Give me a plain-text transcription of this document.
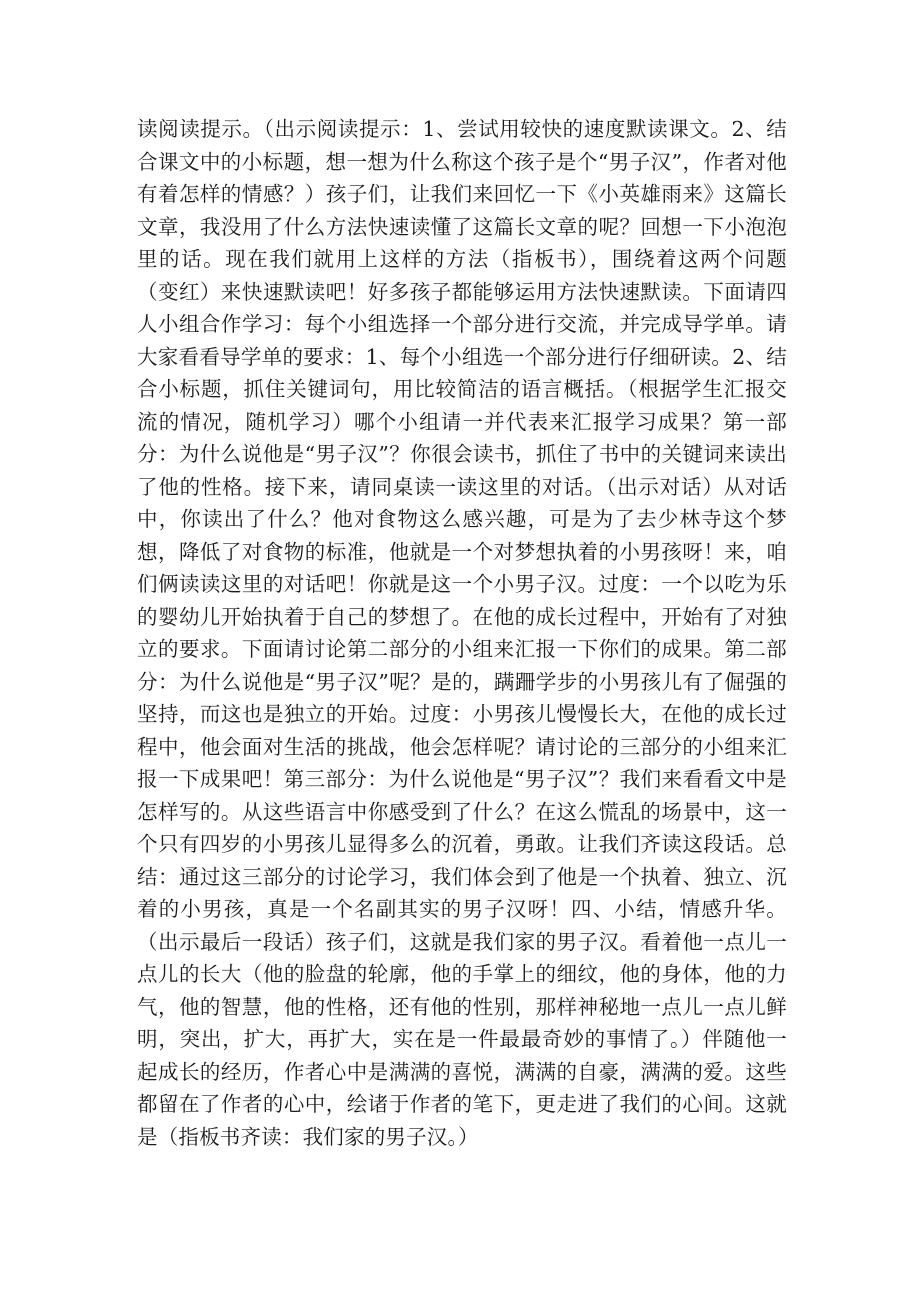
读阅读提示。（出示阅读提示：1、尝试用较快的速度默读课文。2、结合课文中的小标题，想一想为什么称这个孩子是个“男子汉”，作者对他有着怎样的情感？）孩子们，让我们来回忆一下《小英雄雨来》这篇长文章，我没用了什么方法快速读懂了这篇长文章的呢？回想一下小泡泡里的话。现在我们就用上这样的方法（指板书），围绕着这两个问题（变红）来快速默读吧！好多孩子都能够运用方法快速默读。下面请四人小组合作学习：每个小组选择一个部分进行交流，并完成导学单。请大家看看导学单的要求：1、每个小组选一个部分进行仔细研读。2、结合小标题，抓住关键词句，用比较简洁的语言概括。（根据学生汇报交流的情况，随机学习）哪个小组请一并代表来汇报学习成果？第一部分：为什么说他是“男子汉”？你很会读书，抓住了书中的关键词来读出了他的性格。接下来，请同桌读一读这里的对话。（出示对话）从对话中，你读出了什么？他对食物这么感兴趣，可是为了去少林寺这个梦想，降低了对食物的标准，他就是一个对梦想执着的小男孩呀！来，咱们俩读读这里的对话吧！你就是这一个小男子汉。过度：一个以吃为乐的婴幼儿开始执着于自己的梦想了。在他的成长过程中，开始有了对独立的要求。下面请讨论第二部分的小组来汇报一下你们的成果。第二部分：为什么说他是“男子汉”呢？是的，蹒跚学步的小男孩儿有了倔强的坚持，而这也是独立的开始。过度：小男孩儿慢慢长大，在他的成长过程中，他会面对生活的挑战，他会怎样呢？请讨论的三部分的小组来汇报一下成果吧！第三部分：为什么说他是“男子汉”？我们来看看文中是怎样写的。从这些语言中你感受到了什么？在这么慌乱的场景中，这一个只有四岁的小男孩儿显得多么的沉着，勇敢。让我们齐读这段话。总结：通过这三部分的讨论学习，我们体会到了他是一个执着、独立、沉着的小男孩，真是一个名副其实的男子汉呀！四、小结，情感升华。（出示最后一段话）孩子们，这就是我们家的男子汉。看着他一点儿一点儿的长大（他的脸盘的轮廓，他的手掌上的细纹，他的身体，他的力气，他的智慧，他的性格，还有他的性别，那样神秘地一点儿一点儿鲜明，突出，扩大，再扩大，实在是一件最最奇妙的事情了。）伴随他一起成长的经历，作者心中是满满的喜悦，满满的自豪，满满的爱。这些都留在了作者的心中，绘诸于作者的笔下，更走进了我们的心间。这就是（指板书齐读：我们家的男子汉。）
